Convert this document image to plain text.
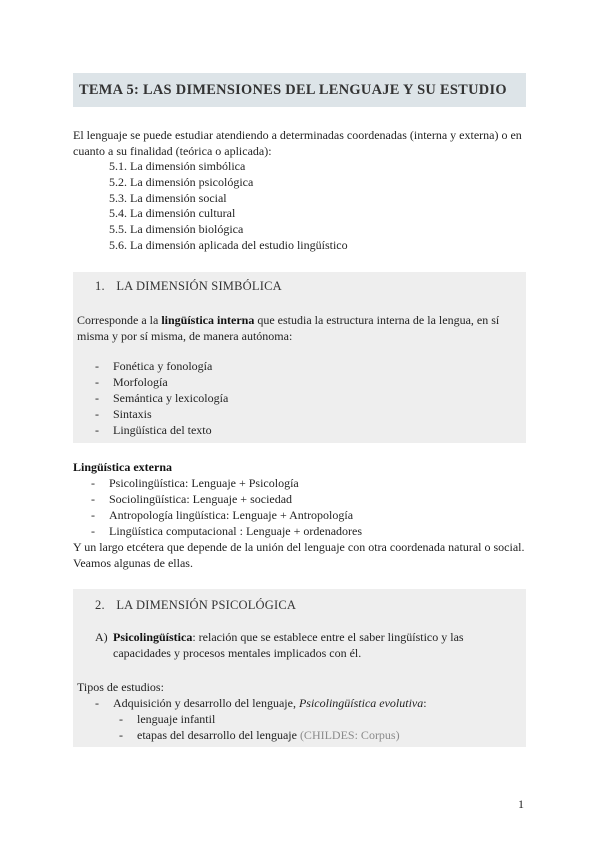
TEMA 5: LAS DIMENSIONES DEL LENGUAJE Y SU ESTUDIO
El lenguaje se puede estudiar atendiendo a determinadas coordenadas (interna y externa) o en cuanto a su finalidad (teórica o aplicada):
5.1. La dimensión simbólica
5.2. La dimensión psicológica
5.3. La dimensión social
5.4. La dimensión cultural
5.5. La dimensión biológica
5.6. La dimensión aplicada del estudio lingüístico
1. LA DIMENSIÓN SIMBÓLICA
Corresponde a la lingüística interna que estudia la estructura interna de la lengua, en sí misma y por sí misma, de manera autónoma:
- Fonética y fonología
- Morfología
- Semántica y lexicología
- Sintaxis
- Lingüística del texto
Lingüística externa
- Psicolingüística: Lenguaje + Psicología
- Sociolingüística: Lenguaje + sociedad
- Antropología lingüística: Lenguaje + Antropología
- Lingüística computacional : Lenguaje + ordenadores
Y un largo etcétera que depende de la unión del lenguaje con otra coordenada natural o social. Veamos algunas de ellas.
2. LA DIMENSIÓN PSICOLÓGICA
A) Psicolingüística: relación que se establece entre el saber lingüístico y las capacidades y procesos mentales implicados con él.
Tipos de estudios:
- Adquisición y desarrollo del lenguaje, Psicolingüística evolutiva:
- lenguaje infantil
- etapas del desarrollo del lenguaje (CHILDES: Corpus)
1
